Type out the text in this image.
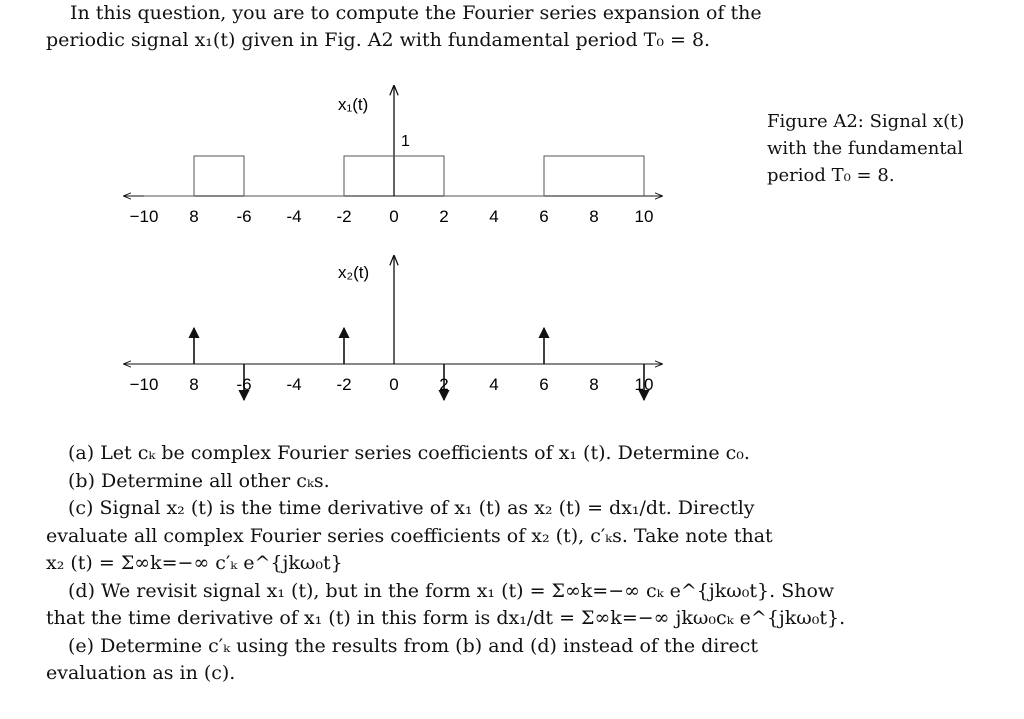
In this question, you are to compute the Fourier series expansion of the
periodic signal x₁(t) given in Fig. A2 with fundamental period T₀ = 8.
Figure A2: Signal x(t)
with the fundamental
period T₀ = 8.
x₁(t)
1
−10 8 -6 -4 -2 0 2 4 6 8 10
x₂(t)
−10 8 -6 -4 -2 0 2 4 6 8 10
(a) Let cₖ be complex Fourier series coefficients of x₁ (t). Determine c₀.
(b) Determine all other cₖs.
(c) Signal x₂ (t) is the time derivative of x₁ (t) as x₂ (t) = dx₁/dt. Directly
evaluate all complex Fourier series coefficients of x₂ (t), c′ₖs. Take note that
x₂ (t) = Σ∞k=−∞ c′ₖ e^{jkω₀t}
(d) We revisit signal x₁ (t), but in the form x₁ (t) = Σ∞k=−∞ cₖ e^{jkω₀t}. Show
that the time derivative of x₁ (t) in this form is dx₁/dt = Σ∞k=−∞ jkω₀cₖ e^{jkω₀t}.
(e) Determine c′ₖ using the results from (b) and (d) instead of the direct
evaluation as in (c).
